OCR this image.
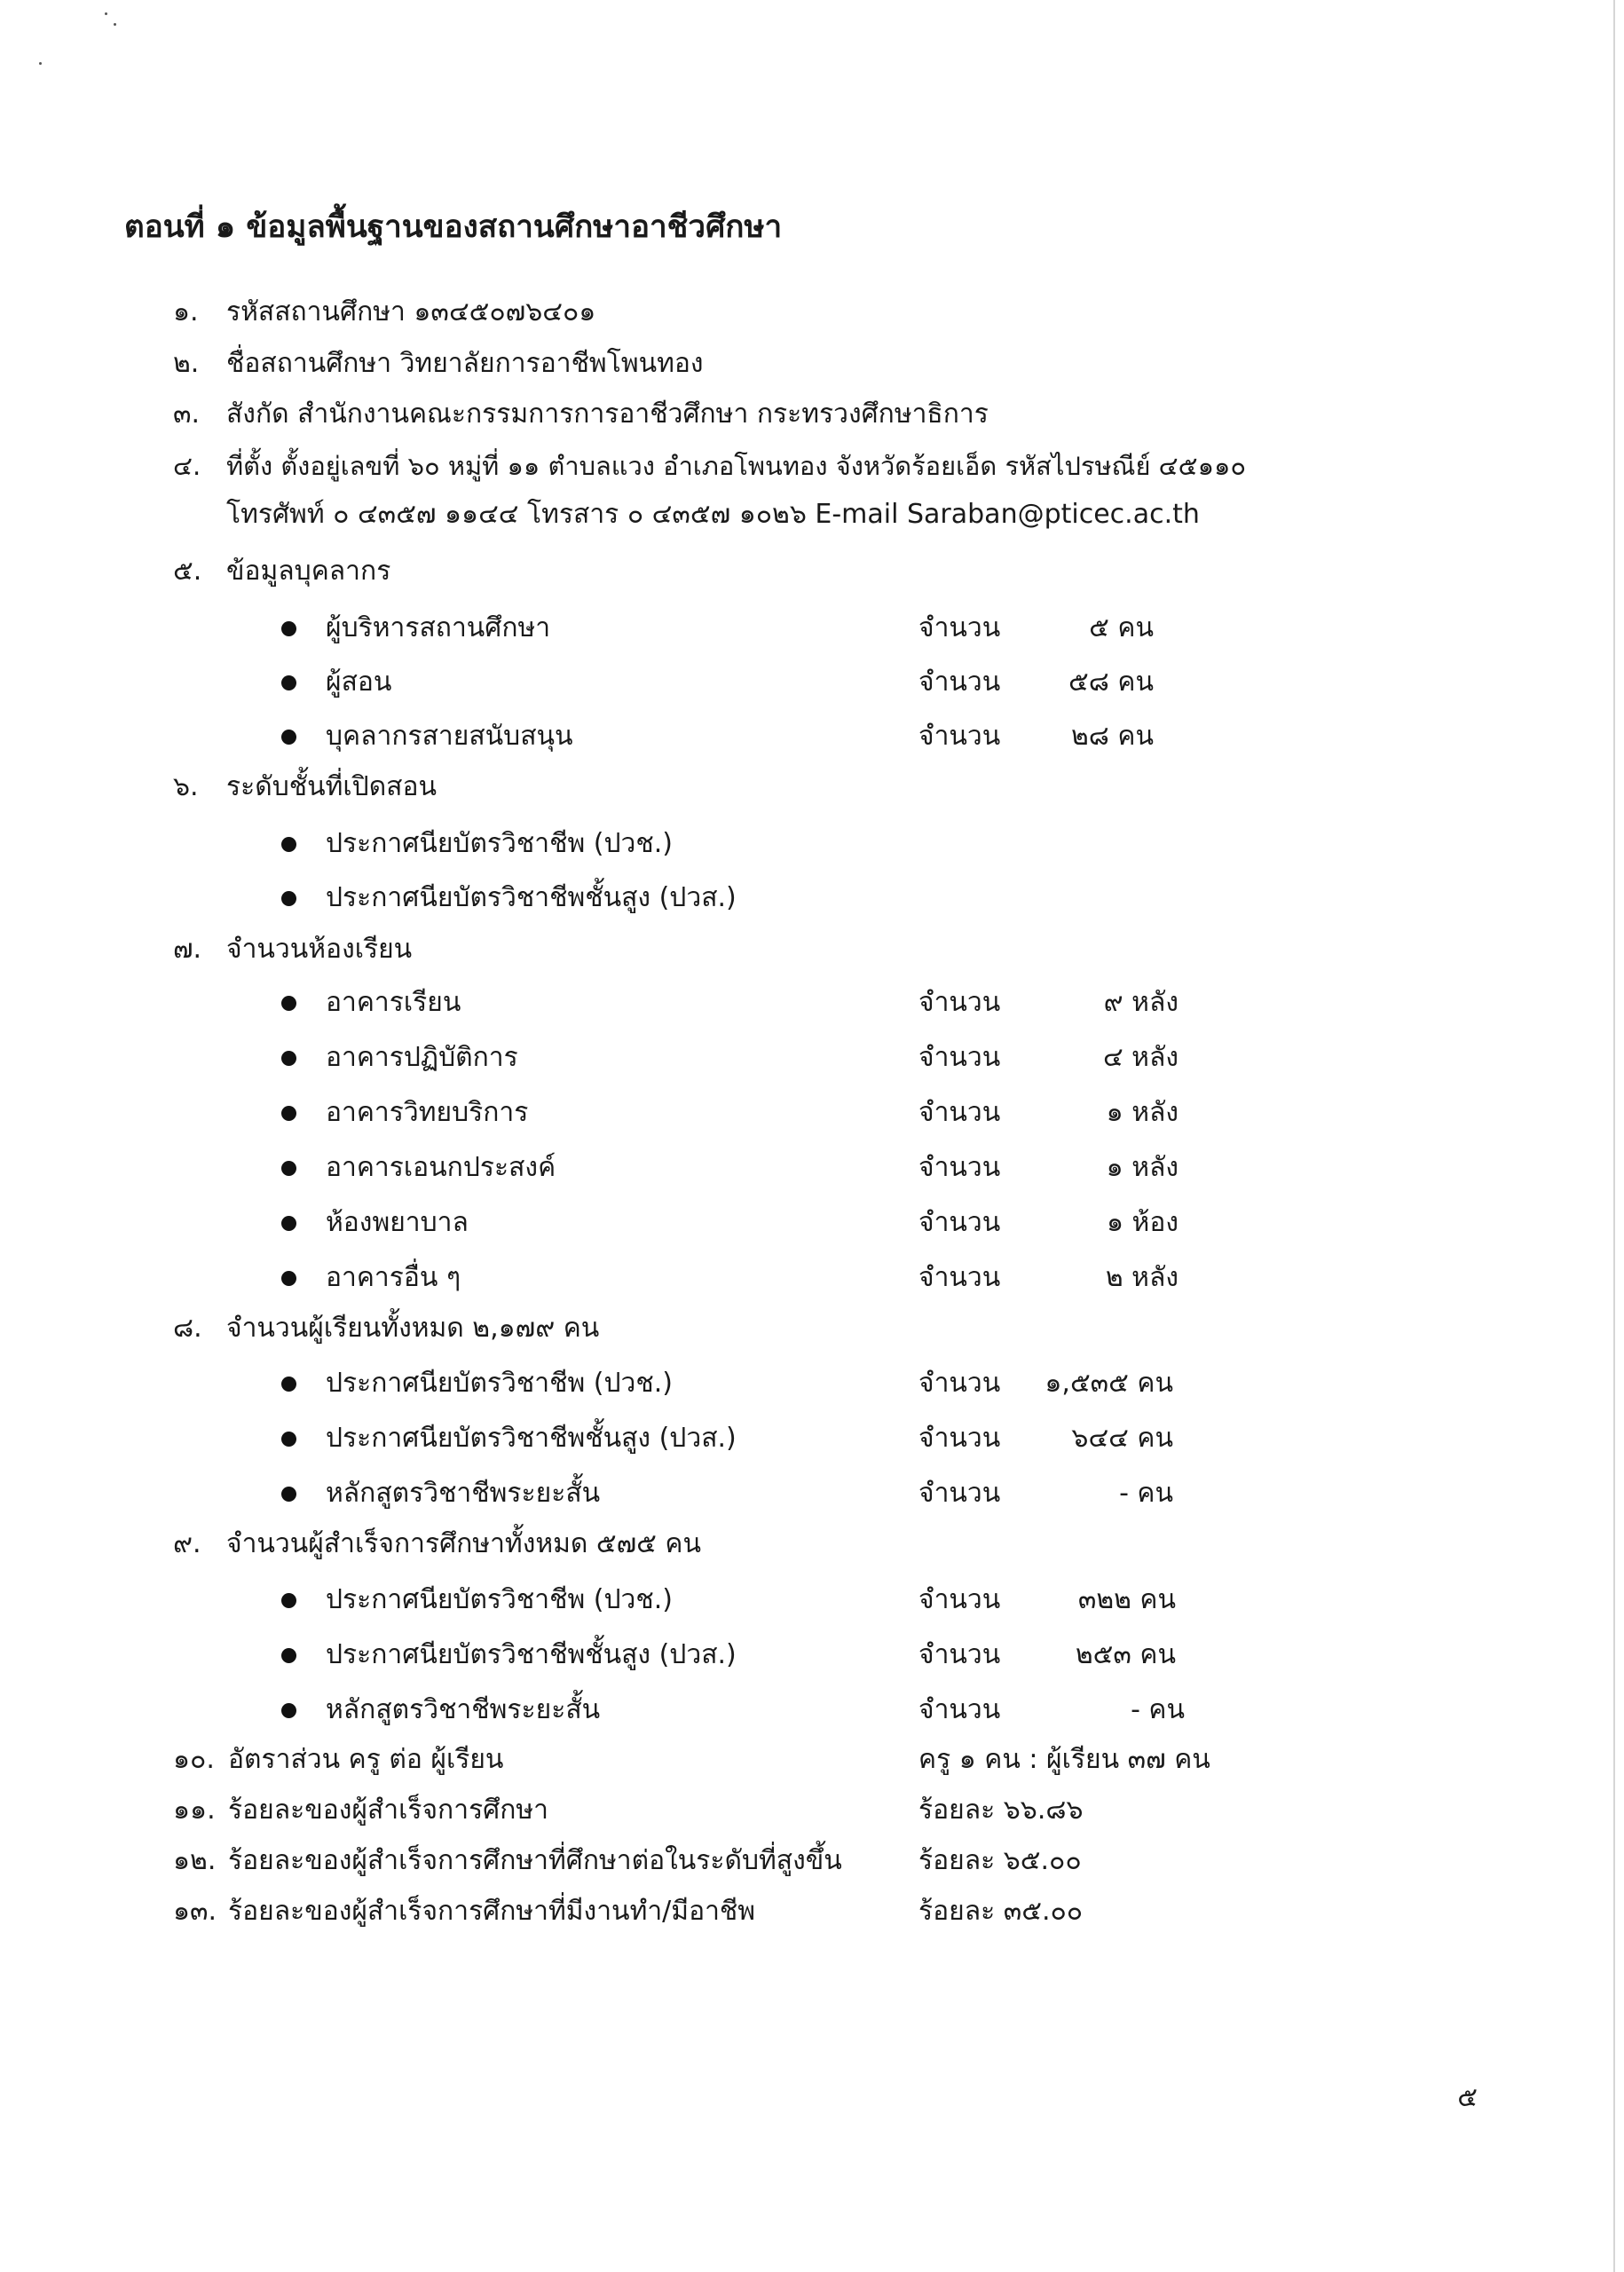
ตอนที่ ๑ ข้อมูลพื้นฐานของสถานศึกษาอาชีวศึกษา
๑. รหัสสถานศึกษา ๑๓๔๕๐๗๖๔๐๑
๒. ชื่อสถานศึกษา วิทยาลัยการอาชีพโพนทอง
๓. สังกัด สำนักงานคณะกรรมการการอาชีวศึกษา กระทรวงศึกษาธิการ
๔. ที่ตั้ง ตั้งอยู่เลขที่ ๖๐ หมู่ที่ ๑๑ ตำบลแวง อำเภอโพนทอง จังหวัดร้อยเอ็ด รหัสไปรษณีย์ ๔๕๑๑๐
โทรศัพท์ ๐ ๔๓๕๗ ๑๑๔๔ โทรสาร ๐ ๔๓๕๗ ๑๐๒๖ E-mail Saraban@pticec.ac.th
๕. ข้อมูลบุคลากร
ผู้บริหารสถานศึกษา	จำนวน	๕ คน
ผู้สอน	จำนวน	๕๘ คน
บุคลากรสายสนับสนุน	จำนวน	๒๘ คน
๖. ระดับชั้นที่เปิดสอน
ประกาศนียบัตรวิชาชีพ (ปวช.)
ประกาศนียบัตรวิชาชีพชั้นสูง (ปวส.)
๗. จำนวนห้องเรียน
อาคารเรียน	จำนวน	๙ หลัง
อาคารปฏิบัติการ	จำนวน	๔ หลัง
อาคารวิทยบริการ	จำนวน	๑ หลัง
อาคารเอนกประสงค์	จำนวน	๑ หลัง
ห้องพยาบาล	จำนวน	๑ ห้อง
อาคารอื่น ๆ	จำนวน	๒ หลัง
๘. จำนวนผู้เรียนทั้งหมด ๒,๑๗๙ คน
ประกาศนียบัตรวิชาชีพ (ปวช.)	จำนวน ๑,๕๓๕ คน
ประกาศนียบัตรวิชาชีพชั้นสูง (ปวส.)	จำนวน	๖๔๔ คน
หลักสูตรวิชาชีพระยะสั้น	จำนวน	- คน
๙. จำนวนผู้สำเร็จการศึกษาทั้งหมด ๕๗๕ คน
ประกาศนียบัตรวิชาชีพ (ปวช.)	จำนวน	๓๒๒ คน
ประกาศนียบัตรวิชาชีพชั้นสูง (ปวส.)	จำนวน	๒๕๓ คน
หลักสูตรวิชาชีพระยะสั้น	จำนวน	- คน
๑๐. อัตราส่วน ครู ต่อ ผู้เรียน	ครู ๑ คน : ผู้เรียน ๓๗ คน
๑๑. ร้อยละของผู้สำเร็จการศึกษา	ร้อยละ ๖๖.๘๖
๑๒. ร้อยละของผู้สำเร็จการศึกษาที่ศึกษาต่อในระดับที่สูงขึ้น	ร้อยละ ๖๕.๐๐
๑๓. ร้อยละของผู้สำเร็จการศึกษาที่มีงานทำ/มีอาชีพ	ร้อยละ ๓๕.๐๐
๕
